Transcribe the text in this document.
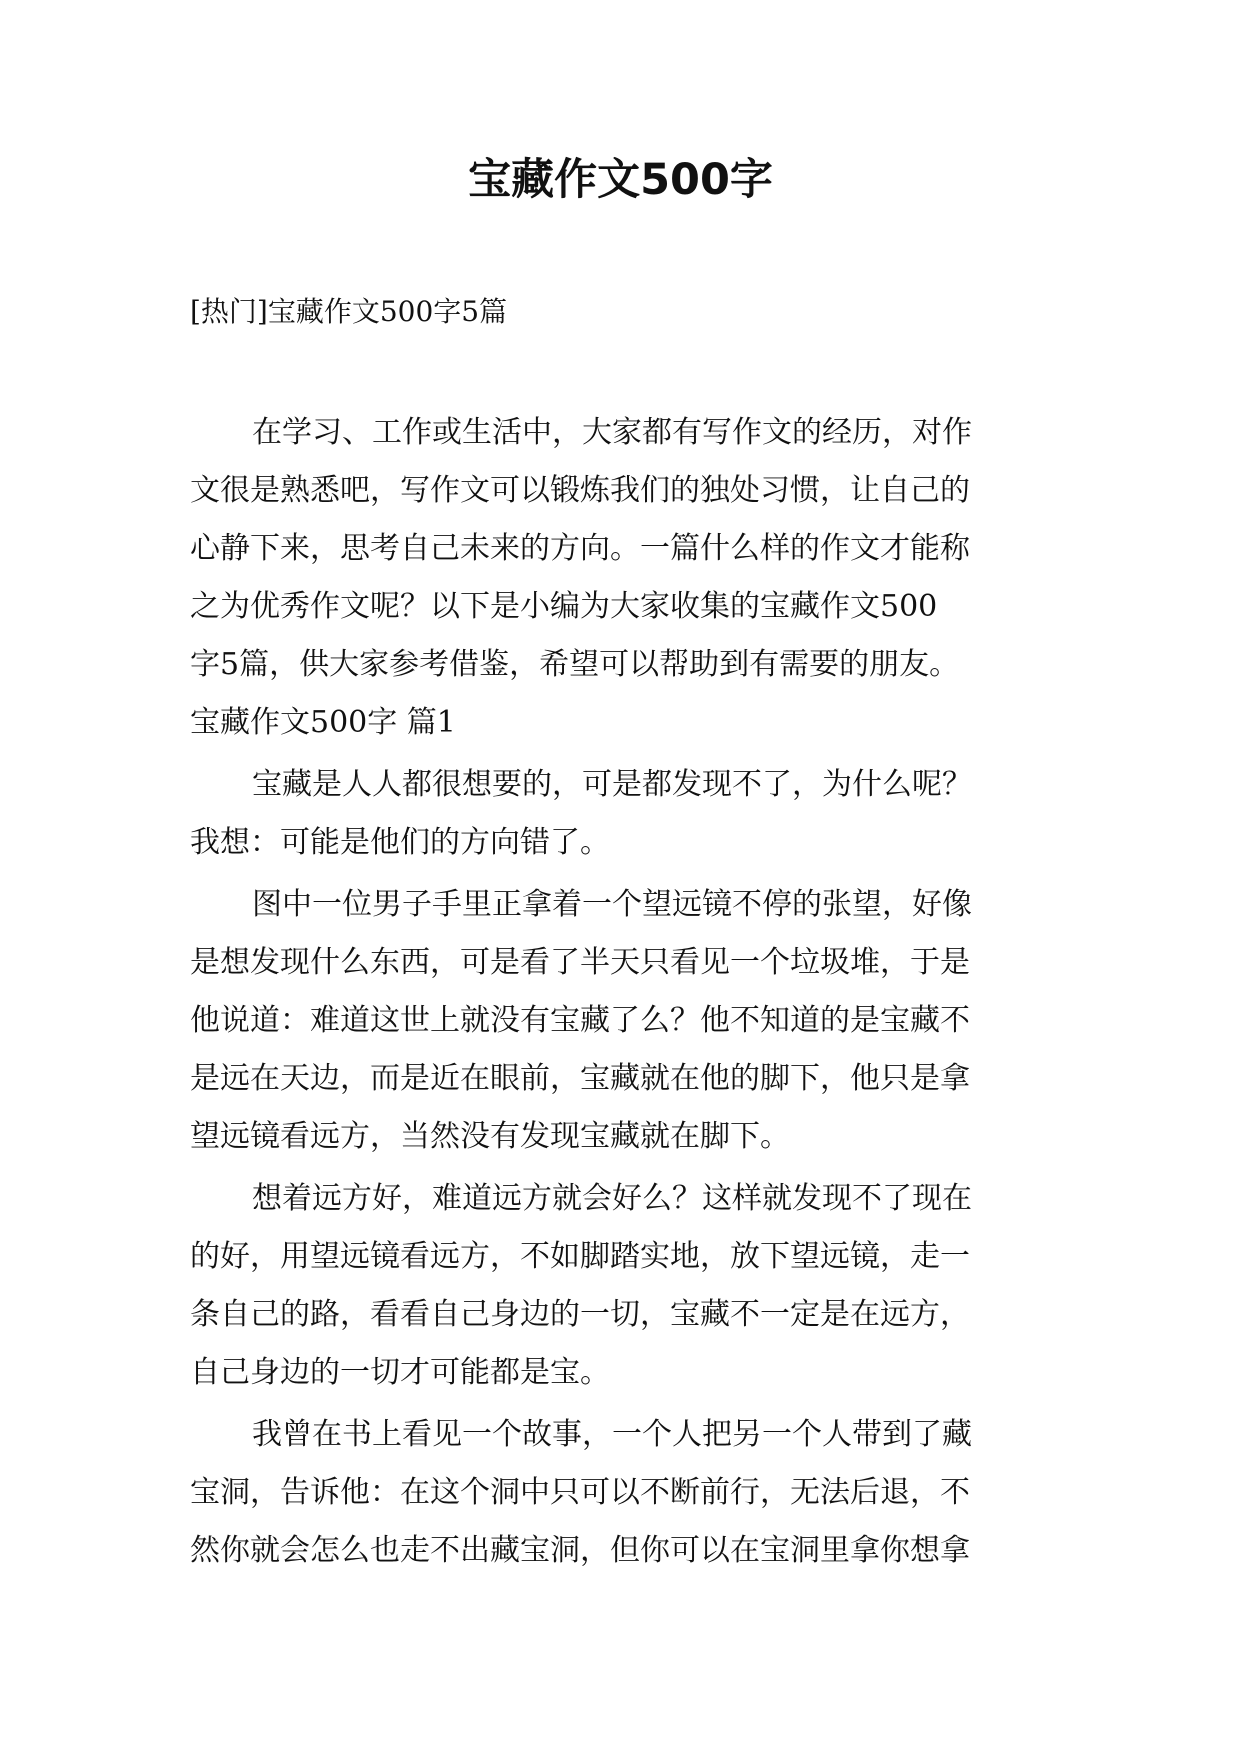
宝藏作文500字

[热门]宝藏作文500字5篇

在学习、工作或生活中，大家都有写作文的经历，对作
文很是熟悉吧，写作文可以锻炼我们的独处习惯，让自己的
心静下来，思考自己未来的方向。一篇什么样的作文才能称
之为优秀作文呢？以下是小编为大家收集的宝藏作文500
字5篇，供大家参考借鉴，希望可以帮助到有需要的朋友。
宝藏作文500字 篇1
宝藏是人人都很想要的，可是都发现不了，为什么呢？
我想：可能是他们的方向错了。
图中一位男子手里正拿着一个望远镜不停的张望，好像
是想发现什么东西，可是看了半天只看见一个垃圾堆，于是
他说道：难道这世上就没有宝藏了么？他不知道的是宝藏不
是远在天边，而是近在眼前，宝藏就在他的脚下，他只是拿
望远镜看远方，当然没有发现宝藏就在脚下。
想着远方好，难道远方就会好么？这样就发现不了现在
的好，用望远镜看远方，不如脚踏实地，放下望远镜，走一
条自己的路，看看自己身边的一切，宝藏不一定是在远方，
自己身边的一切才可能都是宝。
我曾在书上看见一个故事，一个人把另一个人带到了藏
宝洞，告诉他：在这个洞中只可以不断前行，无法后退，不
然你就会怎么也走不出藏宝洞，但你可以在宝洞里拿你想拿
